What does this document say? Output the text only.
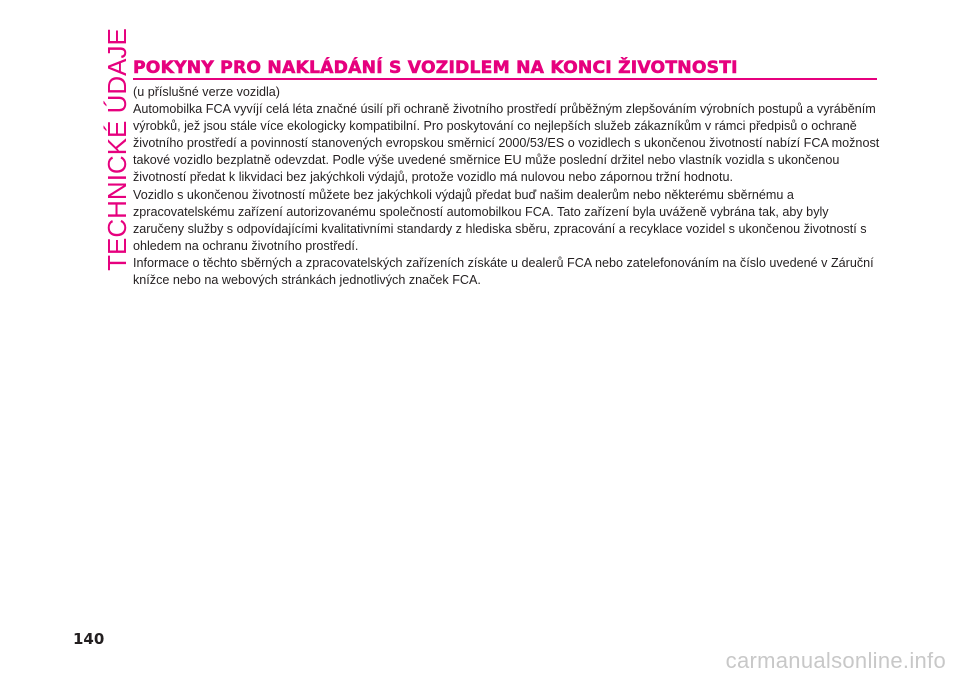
TECHNICKÉ ÚDAJE POKYNY PRO NAKLÁDÁNÍ S VOZIDLEM NA KONCI ŽIVOTNOSTI

(u příslušné verze vozidla)

Automobilka FCA vyvíjí celá léta značné úsilí při ochraně životního prostředí průběžným zlepšováním výrobních postupů a vyráběním výrobků, jež jsou stále více ekologicky kompatibilní. Pro poskytování co nejlepších služeb zákazníkům v rámci předpisů o ochraně životního prostředí a povinností stanovených evropskou směrnicí 2000/53/ES o vozidlech s ukončenou životností nabízí FCA možnost takové vozidlo bezplatně odevzdat. Podle výše uvedené směrnice EU může poslední držitel nebo vlastník vozidla s ukončenou životností předat k likvidaci bez jakýchkoli výdajů, protože vozidlo má nulovou nebo zápornou tržní hodnotu.

Vozidlo s ukončenou životností můžete bez jakýchkoli výdajů předat buď našim dealerům nebo některému sběrnému a zpracovatelskému zařízení autorizovanému společností automobilkou FCA. Tato zařízení byla uváženě vybrána tak, aby byly zaručeny služby s odpovídajícími kvalitativními standardy z hlediska sběru, zpracování a recyklace vozidel s ukončenou životností s ohledem na ochranu životního prostředí.

Informace o těchto sběrných a zpracovatelských zařízeních získáte u dealerů FCA nebo zatelefonováním na číslo uvedené v Záruční knížce nebo na webových stránkách jednotlivých značek FCA.

140
carmanualsonline.info
